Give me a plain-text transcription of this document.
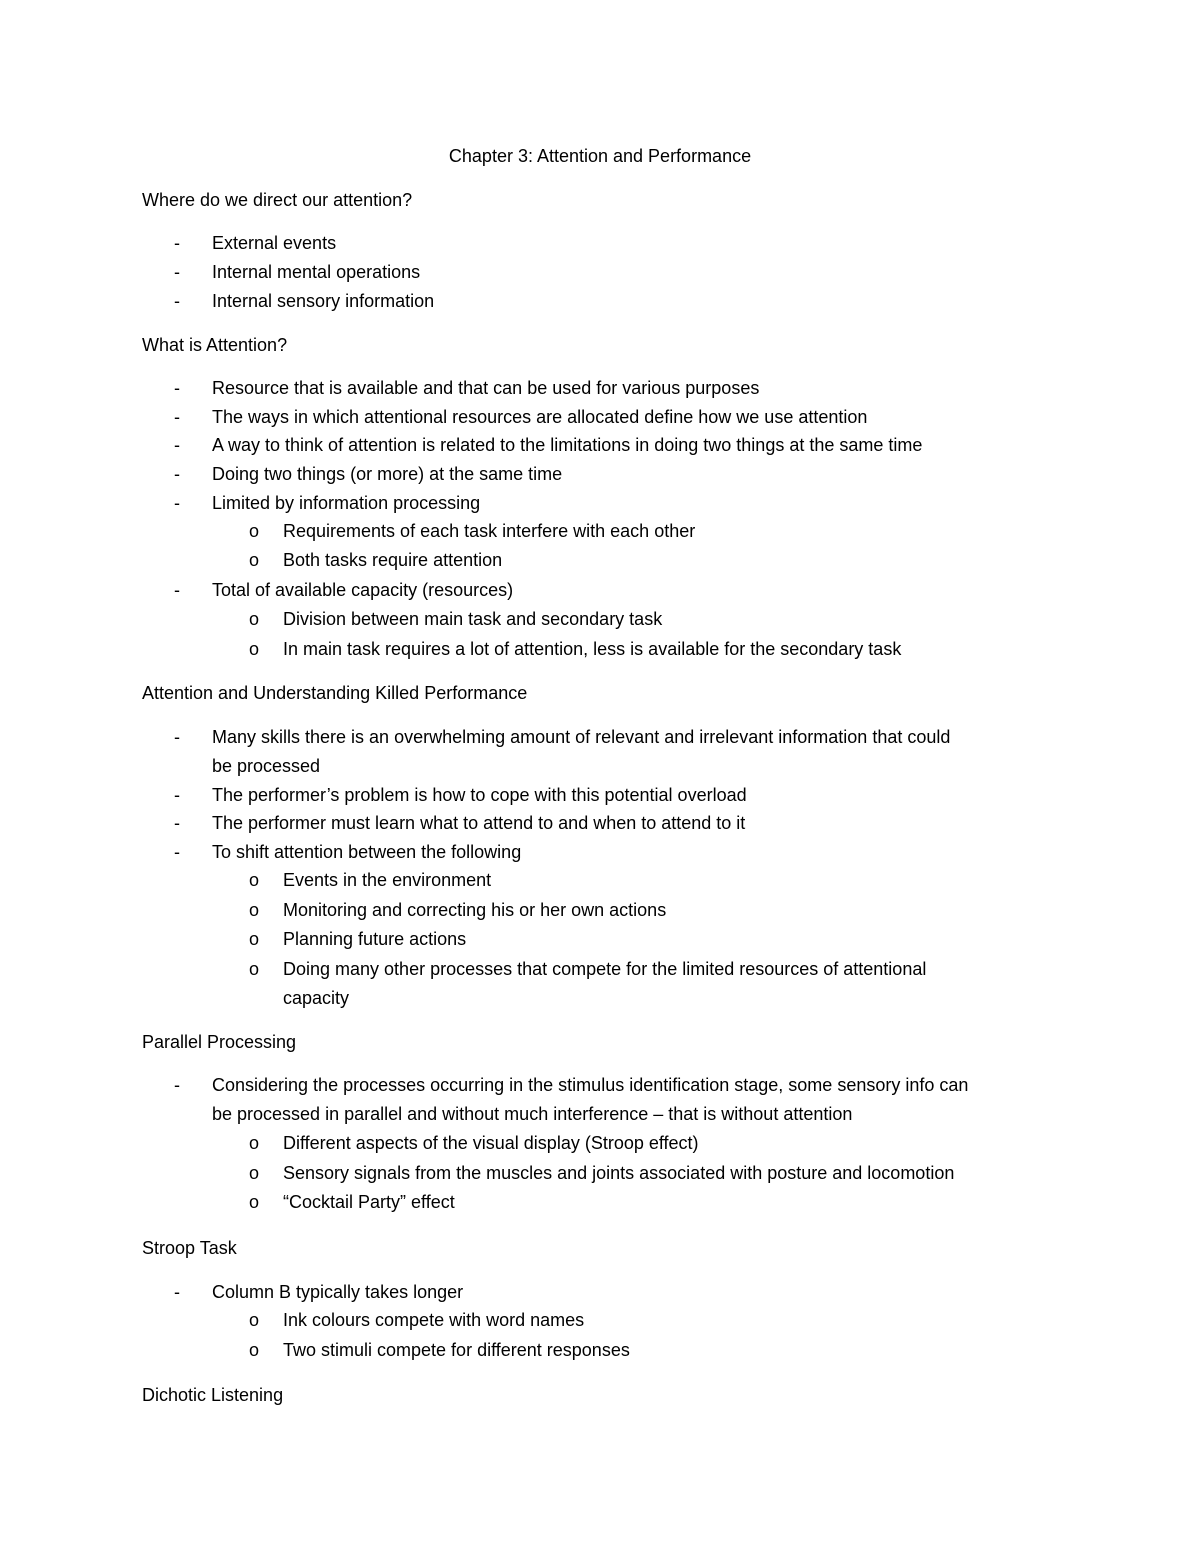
Chapter 3: Attention and Performance
Where do we direct our attention?
- External events
- Internal mental operations
- Internal sensory information
What is Attention?
- Resource that is available and that can be used for various purposes
- The ways in which attentional resources are allocated define how we use attention
- A way to think of attention is related to the limitations in doing two things at the same time
- Doing two things (or more) at the same time
- Limited by information processing
o Requirements of each task interfere with each other
o Both tasks require attention
- Total of available capacity (resources)
o Division between main task and secondary task
o In main task requires a lot of attention, less is available for the secondary task
Attention and Understanding Killed Performance
- Many skills there is an overwhelming amount of relevant and irrelevant information that could
be processed
- The performer’s problem is how to cope with this potential overload
- The performer must learn what to attend to and when to attend to it
- To shift attention between the following
o Events in the environment
o Monitoring and correcting his or her own actions
o Planning future actions
o Doing many other processes that compete for the limited resources of attentional
capacity
Parallel Processing
- Considering the processes occurring in the stimulus identification stage, some sensory info can
be processed in parallel and without much interference – that is without attention
o Different aspects of the visual display (Stroop effect)
o Sensory signals from the muscles and joints associated with posture and locomotion
o “Cocktail Party” effect
Stroop Task
- Column B typically takes longer
o Ink colours compete with word names
o Two stimuli compete for different responses
Dichotic Listening
